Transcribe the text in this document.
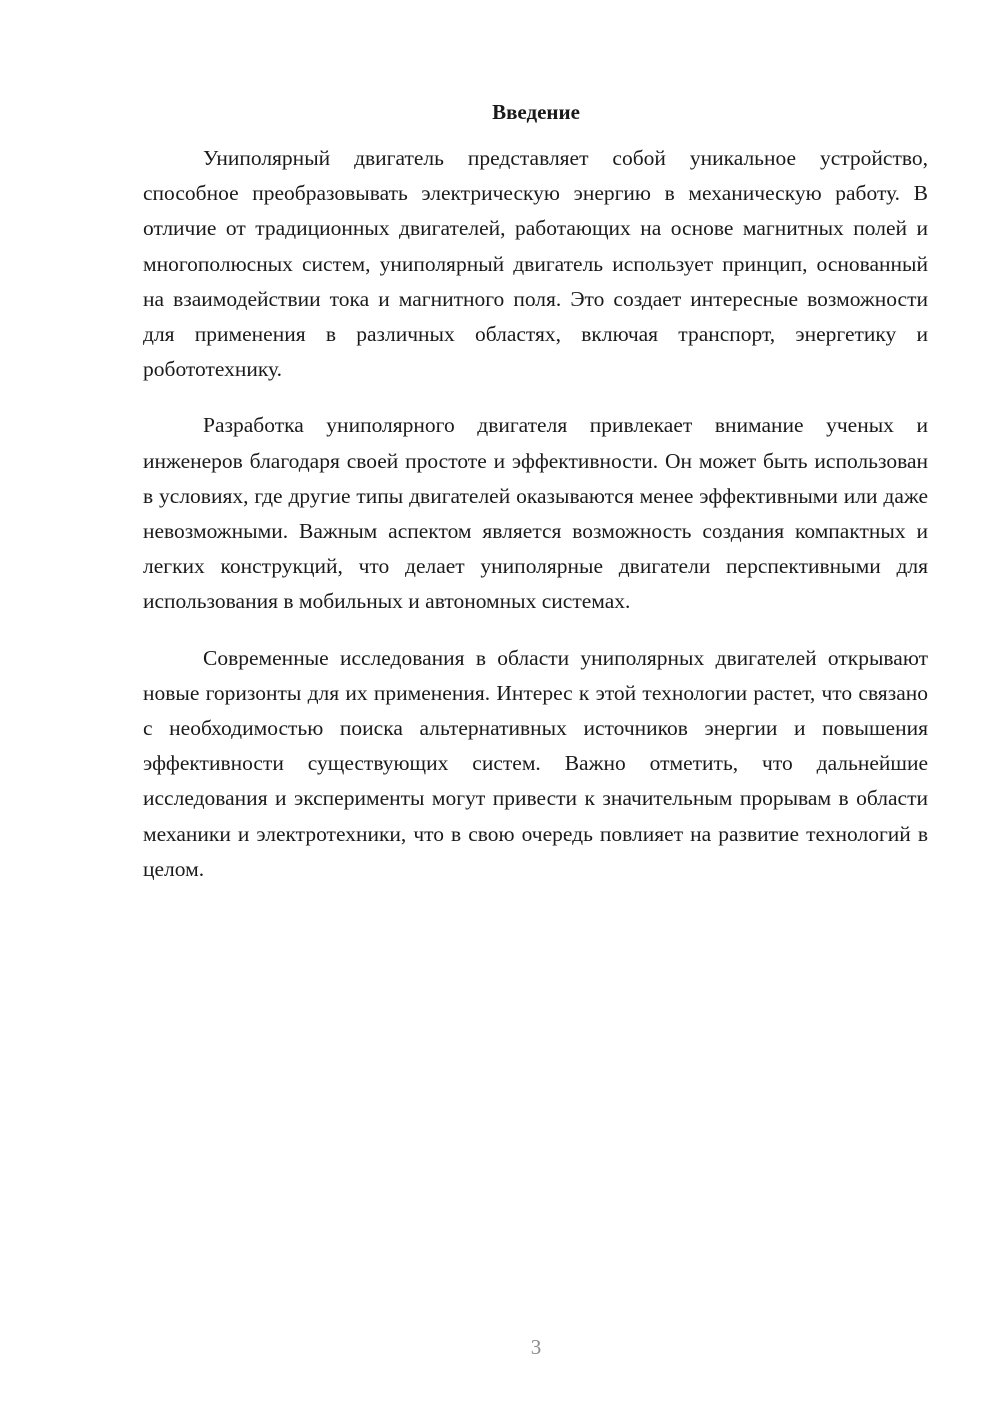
Введение

Униполярный двигатель представляет собой уникальное устройство, способное преобразовывать электрическую энергию в механическую работу. В отличие от традиционных двигателей, работающих на основе магнитных полей и многополюсных систем, униполярный двигатель использует принцип, основанный на взаимодействии тока и магнитного поля. Это создает интересные возможности для применения в различных областях, включая транспорт, энергетику и робототехнику.

Разработка униполярного двигателя привлекает внимание ученых и инженеров благодаря своей простоте и эффективности. Он может быть использован в условиях, где другие типы двигателей оказываются менее эффективными или даже невозможными. Важным аспектом является возможность создания компактных и легких конструкций, что делает униполярные двигатели перспективными для использования в мобильных и автономных системах.

Современные исследования в области униполярных двигателей открывают новые горизонты для их применения. Интерес к этой технологии растет, что связано с необходимостью поиска альтернативных источников энергии и повышения эффективности существующих систем. Важно отметить, что дальнейшие исследования и эксперименты могут привести к значительным прорывам в области механики и электротехники, что в свою очередь повлияет на развитие технологий в целом.

3
